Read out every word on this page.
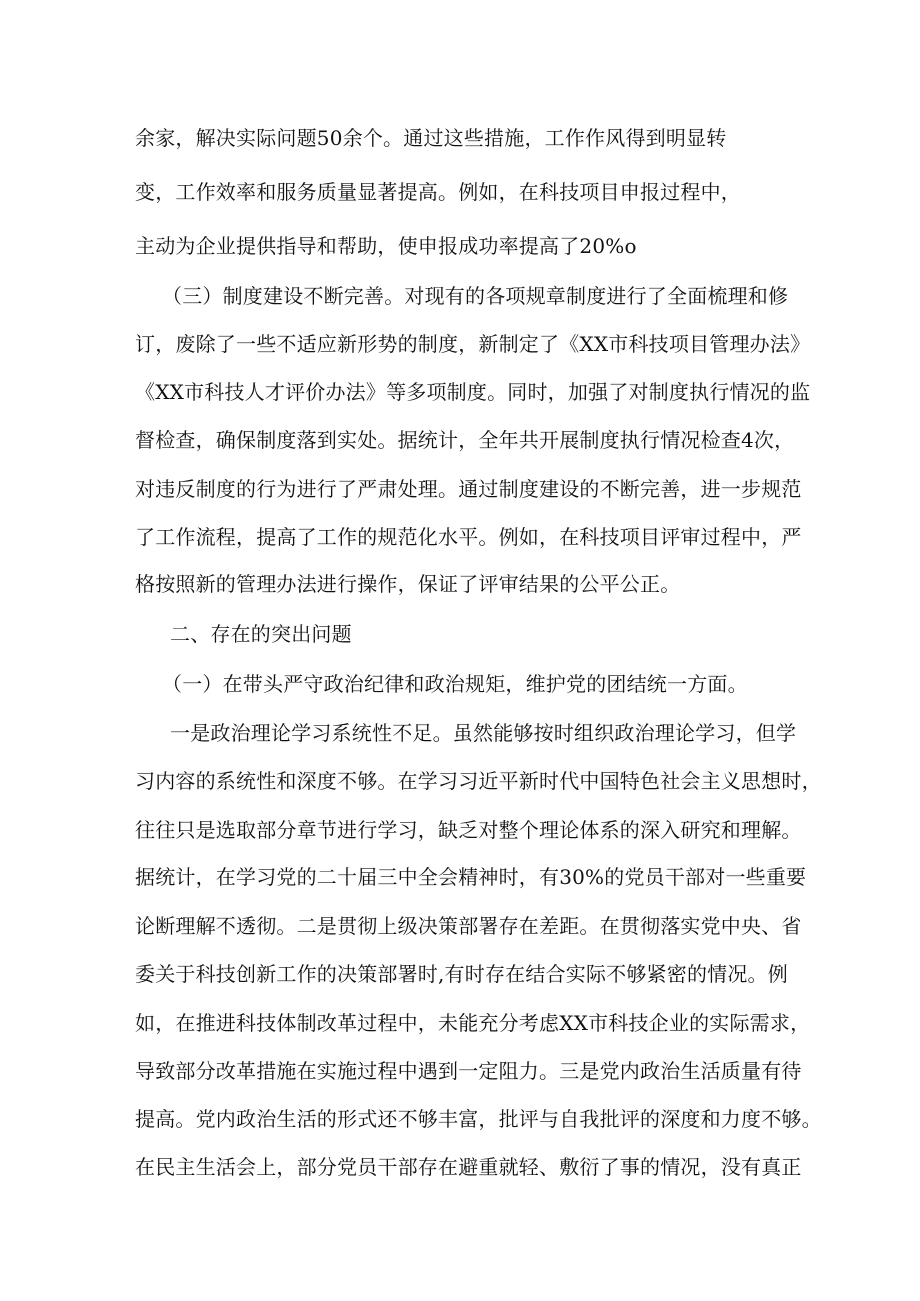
余家，解决实际问题50余个。通过这些措施，工作作风得到明显转
变，工作效率和服务质量显著提高。例如，在科技项目申报过程中，
主动为企业提供指导和帮助，使申报成功率提高了20%o
（三）制度建设不断完善。对现有的各项规章制度进行了全面梳理和修
订，废除了一些不适应新形势的制度，新制定了《XX市科技项目管理办法》
《XX市科技人才评价办法》等多项制度。同时，加强了对制度执行情况的监
督检查，确保制度落到实处。据统计，全年共开展制度执行情况检查4次，
对违反制度的行为进行了严肃处理。通过制度建设的不断完善，进一步规范
了工作流程，提高了工作的规范化水平。例如，在科技项目评审过程中，严
格按照新的管理办法进行操作，保证了评审结果的公平公正。
二、存在的突出问题
（一）在带头严守政治纪律和政治规矩，维护党的团结统一方面。
一是政治理论学习系统性不足。虽然能够按时组织政治理论学习，但学
习内容的系统性和深度不够。在学习习近平新时代中国特色社会主义思想时，
往往只是选取部分章节进行学习，缺乏对整个理论体系的深入研究和理解。
据统计，在学习党的二十届三中全会精神时，有30%的党员干部对一些重要
论断理解不透彻。二是贯彻上级决策部署存在差距。在贯彻落实党中央、省
委关于科技创新工作的决策部署时,有时存在结合实际不够紧密的情况。例
如，在推进科技体制改革过程中，未能充分考虑XX市科技企业的实际需求，
导致部分改革措施在实施过程中遇到一定阻力。三是党内政治生活质量有待
提高。党内政治生活的形式还不够丰富，批评与自我批评的深度和力度不够。
在民主生活会上，部分党员干部存在避重就轻、敷衍了事的情况，没有真正
